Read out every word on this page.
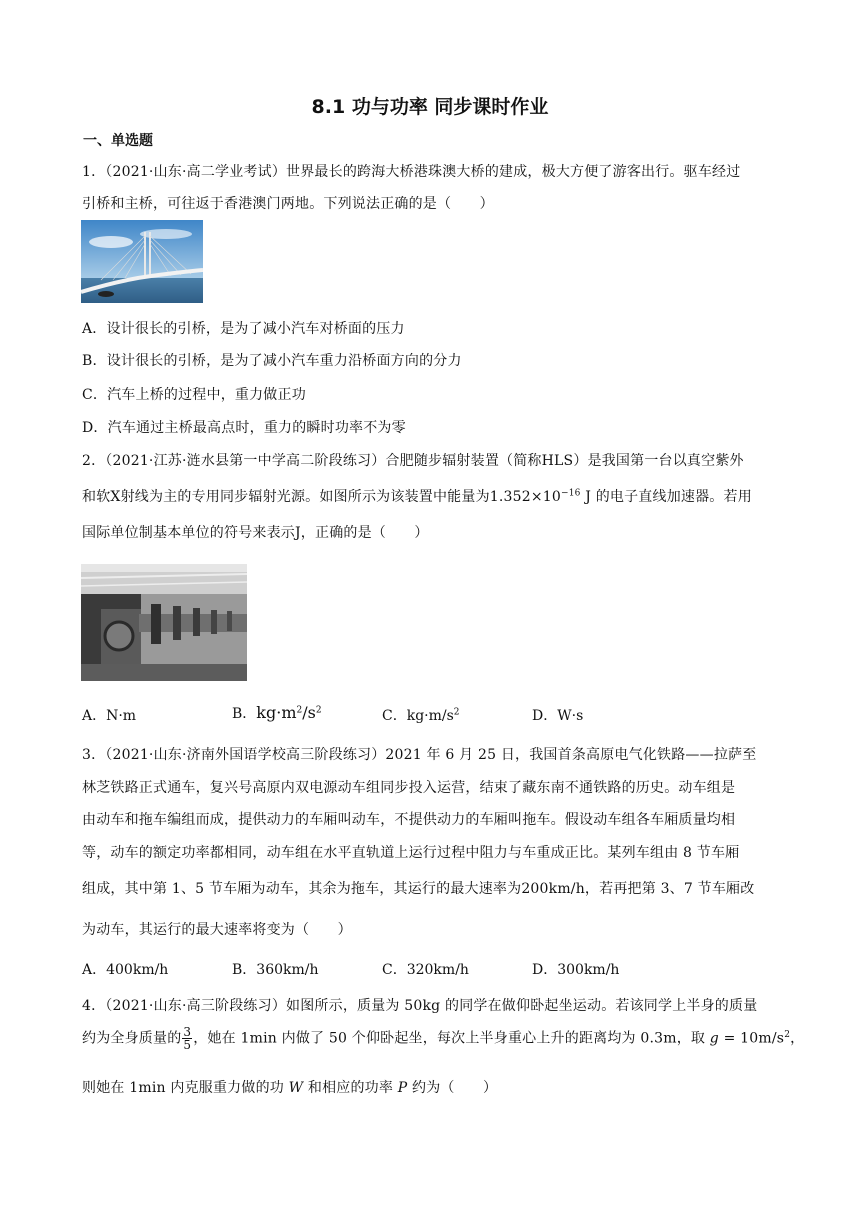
8.1 功与功率 同步课时作业
一、单选题
1．（2021·山东·高二学业考试）世界最长的跨海大桥港珠澳大桥的建成，极大方便了游客出行。驱车经过
引桥和主桥，可往返于香港澳门两地。下列说法正确的是（　　）
A．设计很长的引桥，是为了减小汽车对桥面的压力
B．设计很长的引桥，是为了减小汽车重力沿桥面方向的分力
C．汽车上桥的过程中，重力做正功
D．汽车通过主桥最高点时，重力的瞬时功率不为零
2．（2021·江苏·涟水县第一中学高二阶段练习）合肥随步辐射装置（简称HLS）是我国第一台以真空紫外
和软X射线为主的专用同步辐射光源。如图所示为该装置中能量为$1.352\times 10^{-16}$ J 的电子直线加速器。若用
国际单位制基本单位的符号来表示J，正确的是（　　）
A．N·m	B．$kg\cdot m^2/s^2$	C．$kg\cdot m/s^2$	D．W·s
3．（2021·山东·济南外国语学校高三阶段练习）2021 年 6 月 25 日，我国首条高原电气化铁路——拉萨至
林芝铁路正式通车，复兴号高原内双电源动车组同步投入运营，结束了藏东南不通铁路的历史。动车组是
由动车和拖车编组而成，提供动力的车厢叫动车，不提供动力的车厢叫拖车。假设动车组各车厢质量均相
等，动车的额定功率都相同，动车组在水平直轨道上运行过程中阻力与车重成正比。某列车组由 8 节车厢
组成，其中第 1、5 节车厢为动车，其余为拖车，其运行的最大速率为200km/h，若再把第 3、7 节车厢改
为动车，其运行的最大速率将变为（　　）
A．400km/h	B．360km/h	C．320km/h	D．300km/h
4．（2021·山东·高三阶段练习）如图所示，质量为 50kg 的同学在做仰卧起坐运动。若该同学上半身的质量
约为全身质量的 $\frac{3}{5}$ ，她在 1min 内做了 50 个仰卧起坐，每次上半身重心上升的距离均为 0.3m，取 $g = 10m/s^2$，
则她在 1min 内克服重力做的功 W 和相应的功率 P 约为（　　）
